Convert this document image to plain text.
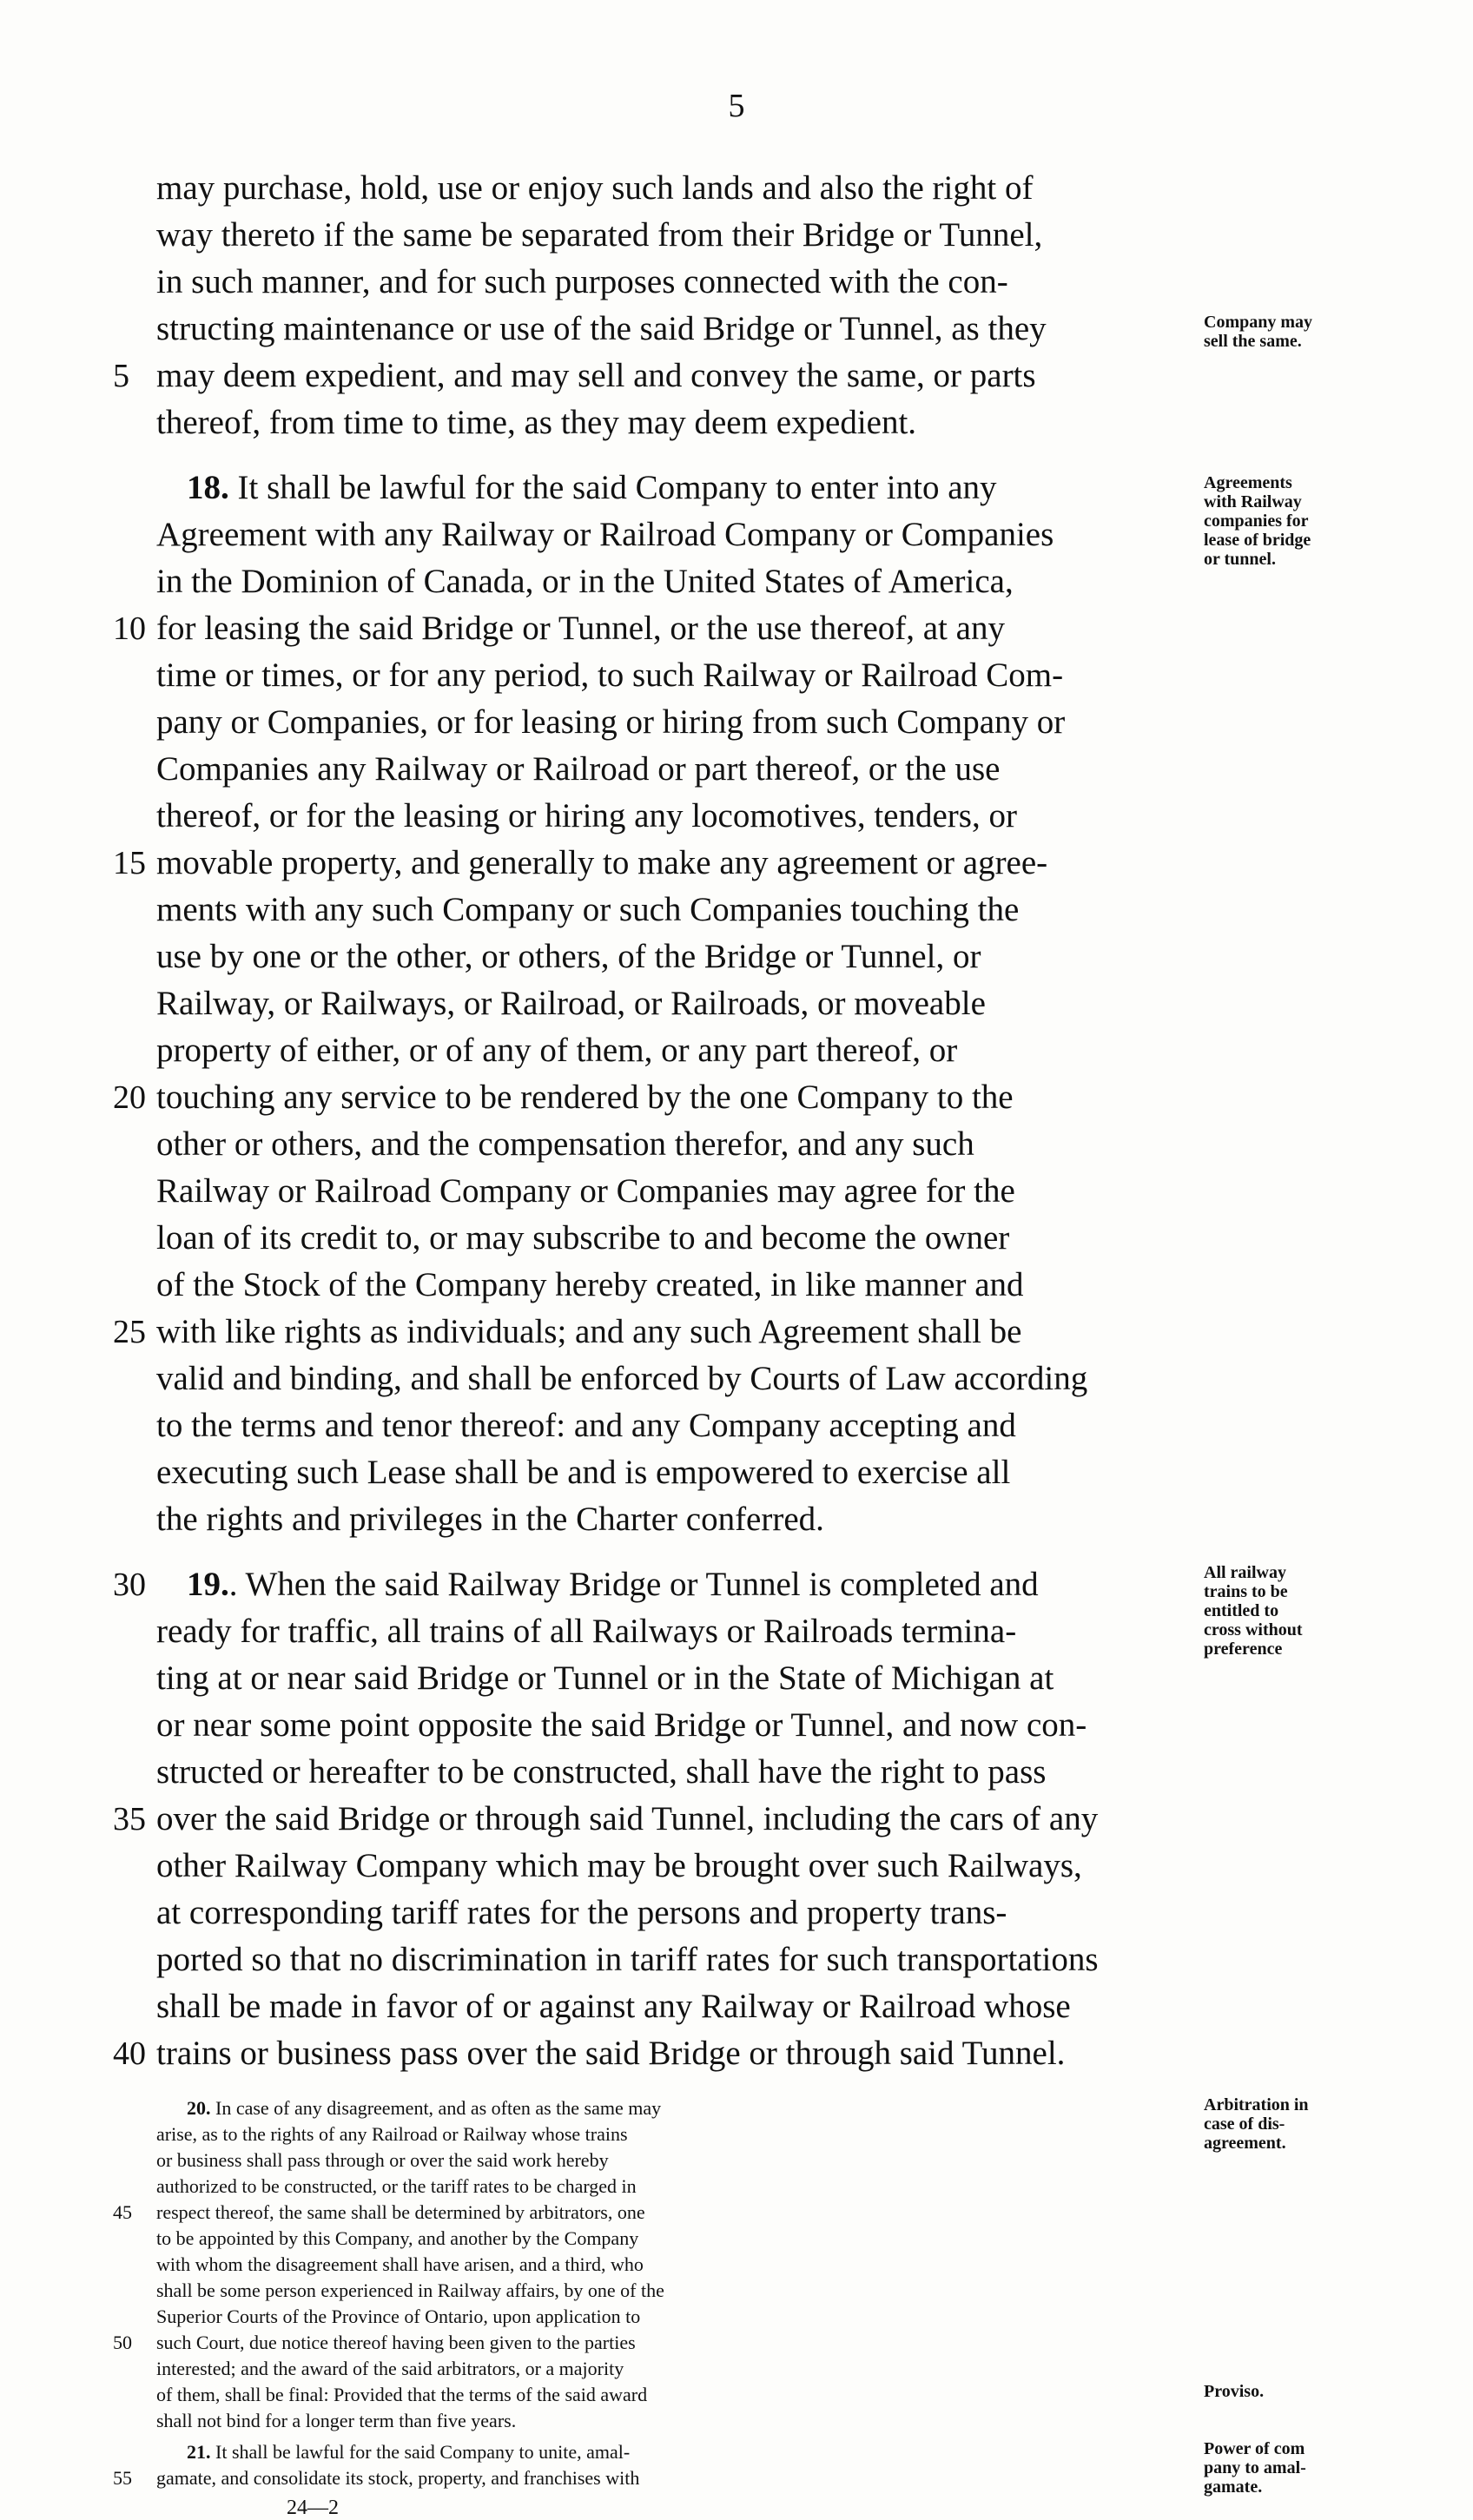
5
may purchase, hold, use or enjoy such lands and also the right of
way thereto if the same be separated from their Bridge or Tunnel,
in such manner, and for such purposes connected with the con-
structing maintenance or use of the said Bridge or Tunnel, as they
may deem expedient, and may sell and convey the same, or parts
thereof, from time to time, as they may deem expedient.
18. It shall be lawful for the said Company to enter into any
Agreement with any Railway or Railroad Company or Companies
in the Dominion of Canada, or in the United States of America,
for leasing the said Bridge or Tunnel, or the use thereof, at any
time or times, or for any period, to such Railway or Railroad Com-
pany or Companies, or for leasing or hiring from such Company or
Companies any Railway or Railroad or part thereof, or the use
thereof, or for the leasing or hiring any locomotives, tenders, or
movable property, and generally to make any agreement or agree-
ments with any such Company or such Companies touching the
use by one or the other, or others, of the Bridge or Tunnel, or
Railway, or Railways, or Railroad, or Railroads, or moveable
property of either, or of any of them, or any part thereof, or
touching any service to be rendered by the one Company to the
other or others, and the compensation therefor, and any such
Railway or Railroad Company or Companies may agree for the
loan of its credit to, or may subscribe to and become the owner
of the Stock of the Company hereby created, in like manner and
with like rights as individuals; and any such Agreement shall be
valid and binding, and shall be enforced by Courts of Law according
to the terms and tenor thereof: and any Company accepting and
executing such Lease shall be and is empowered to exercise all
the rights and privileges in the Charter conferred.
19.. When the said Railway Bridge or Tunnel is completed and
ready for traffic, all trains of all Railways or Railroads termina-
ting at or near said Bridge or Tunnel or in the State of Michigan at
or near some point opposite the said Bridge or Tunnel, and now con-
structed or hereafter to be constructed, shall have the right to pass
over the said Bridge or through said Tunnel, including the cars of any
other Railway Company which may be brought over such Railways,
at corresponding tariff rates for the persons and property trans-
ported so that no discrimination in tariff rates for such transportations
shall be made in favor of or against any Railway or Railroad whose
trains or business pass over the said Bridge or through said Tunnel.
5
10
15
20
25
30
35
40
Company may
sell the same.
Agreements
with Railway
companies for
lease of bridge
or tunnel.
All railway
trains to be
entitled to
cross without
preference
24—2
20. In case of any disagreement, and as often as the same may
arise, as to the rights of any Railroad or Railway whose trains
or business shall pass through or over the said work hereby
authorized to be constructed, or the tariff rates to be charged in
respect thereof, the same shall be determined by arbitrators, one
to be appointed by this Company, and another by the Company
with whom the disagreement shall have arisen, and a third, who
shall be some person experienced in Railway affairs, by one of the
Superior Courts of the Province of Ontario, upon application to
such Court, due notice thereof having been given to the parties
interested; and the award of the said arbitrators, or a majority
of them, shall be final: Provided that the terms of the said award
shall not bind for a longer term than five years.
Arbitration in
case of dis-
agreement.
Proviso.
45
50
21. It shall be lawful for the said Company to unite, amal-
gamate, and consolidate its stock, property, and franchises with
55
Power of com
pany to amal-
gamate.
